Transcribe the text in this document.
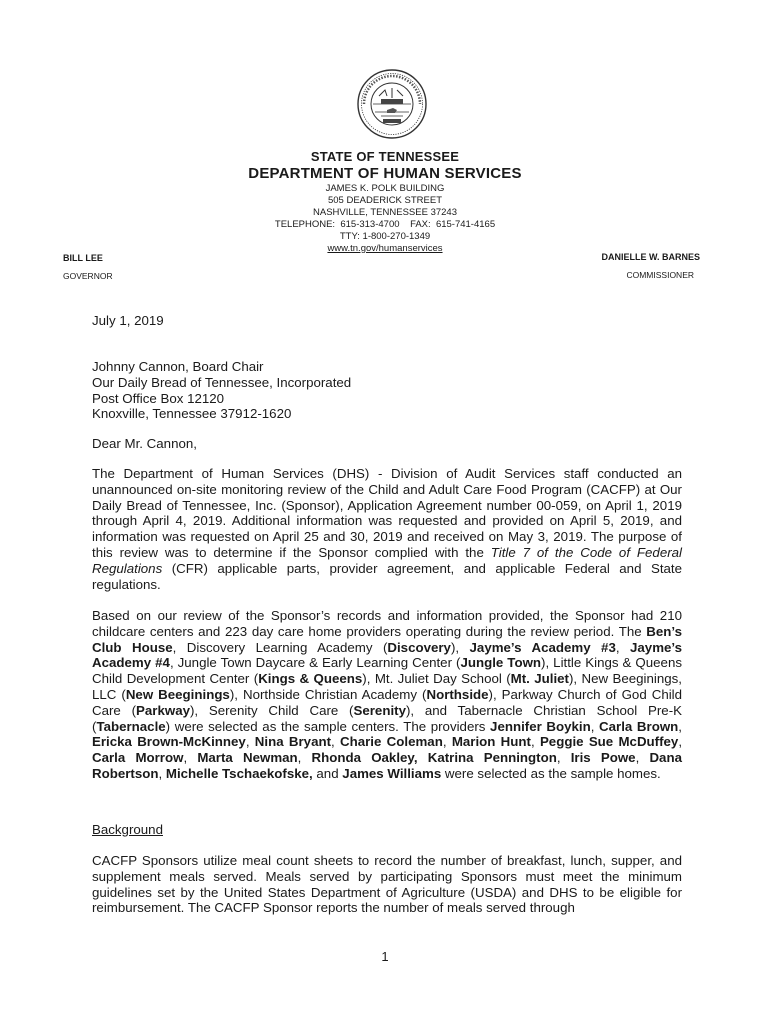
STATE OF TENNESSEE
DEPARTMENT OF HUMAN SERVICES
JAMES K. POLK BUILDING
505 DEADERICK STREET
NASHVILLE, TENNESSEE 37243
TELEPHONE:  615-313-4700    FAX:  615-741-4165
TTY: 1-800-270-1349
www.tn.gov/humanservices
BILL LEE
GOVERNOR
DANIELLE W. BARNES
COMMISSIONER
July 1, 2019
Johnny Cannon, Board Chair
Our Daily Bread of Tennessee, Incorporated
Post Office Box 12120
Knoxville, Tennessee 37912-1620
Dear Mr. Cannon,
The Department of Human Services (DHS) - Division of Audit Services staff conducted an unannounced on-site monitoring review of the Child and Adult Care Food Program (CACFP) at Our Daily Bread of Tennessee, Inc. (Sponsor), Application Agreement number 00-059, on April 1, 2019 through April 4, 2019. Additional information was requested and provided on April 5, 2019, and information was requested on April 25 and 30, 2019 and received on May 3, 2019. The purpose of this review was to determine if the Sponsor complied with the Title 7 of the Code of Federal Regulations (CFR) applicable parts, provider agreement, and applicable Federal and State regulations.
Based on our review of the Sponsor’s records and information provided, the Sponsor had 210 childcare centers and 223 day care home providers operating during the review period. The Ben’s Club House, Discovery Learning Academy (Discovery), Jayme’s Academy #3, Jayme’s Academy #4, Jungle Town Daycare & Early Learning Center (Jungle Town), Little Kings & Queens Child Development Center (Kings & Queens), Mt. Juliet Day School (Mt. Juliet), New Beeginings, LLC (New Beeginings), Northside Christian Academy (Northside), Parkway Church of God Child Care (Parkway), Serenity Child Care (Serenity), and Tabernacle Christian School Pre-K (Tabernacle) were selected as the sample centers. The providers Jennifer Boykin, Carla Brown, Ericka Brown-McKinney, Nina Bryant, Charie Coleman, Marion Hunt, Peggie Sue McDuffey, Carla Morrow, Marta Newman, Rhonda Oakley, Katrina Pennington, Iris Powe, Dana Robertson, Michelle Tschaekofske, and James Williams were selected as the sample homes.
Background
CACFP Sponsors utilize meal count sheets to record the number of breakfast, lunch, supper, and supplement meals served. Meals served by participating Sponsors must meet the minimum guidelines set by the United States Department of Agriculture (USDA) and DHS to be eligible for reimbursement. The CACFP Sponsor reports the number of meals served through
1
